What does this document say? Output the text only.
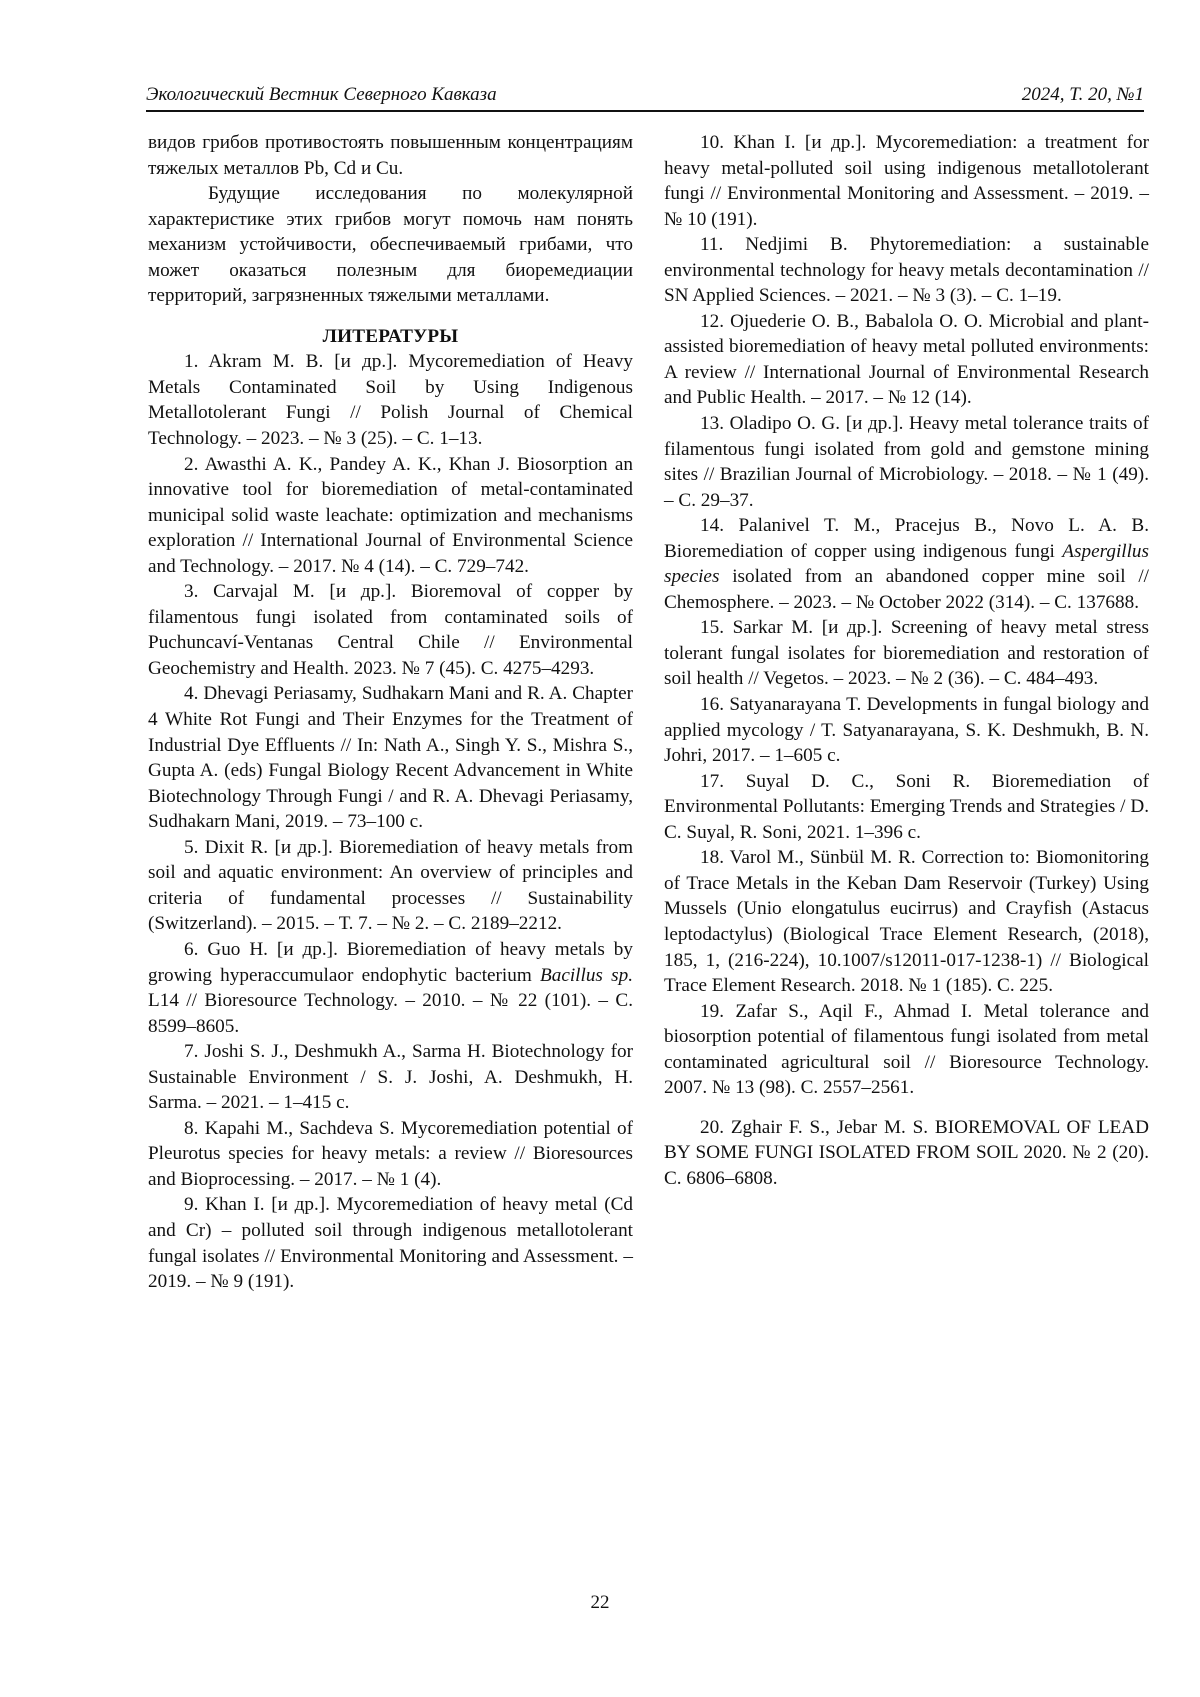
Экологический Вестник Северного Кавказа	2024, Т. 20, №1

видов грибов противостоять повышенным концентрациям тяжелых металлов Pb, Cd и Cu.

Будущие исследования по молекулярной характеристике этих грибов могут помочь нам понять механизм устойчивости, обеспечиваемый грибами, что может оказаться полезным для биоремедиации территорий, загрязненных тяжелыми металлами.

ЛИТЕРАТУРЫ

1. Akram M. B. [и др.]. Mycoremediation of Heavy Metals Contaminated Soil by Using Indigenous Metallotolerant Fungi // Polish Journal of Chemical Technology. – 2023. – № 3 (25). – С. 1–13.

2. Awasthi A. K., Pandey A. K., Khan J. Biosorption an innovative tool for bioremediation of metal-contaminated municipal solid waste leachate: optimization and mechanisms exploration // International Journal of Environmental Science and Technology. – 2017. № 4 (14). – С. 729–742.

3. Carvajal M. [и др.]. Bioremoval of copper by filamentous fungi isolated from contaminated soils of Puchuncaví-Ventanas Central Chile // Environmental Geochemistry and Health. 2023. № 7 (45). С. 4275–4293.

4. Dhevagi Periasamy, Sudhakarn Mani and R. A. Chapter 4 White Rot Fungi and Their Enzymes for the Treatment of Industrial Dye Effluents // In: Nath A., Singh Y. S., Mishra S., Gupta A. (eds) Fungal Biology Recent Advancement in White Biotechnology Through Fungi / and R. A. Dhevagi Periasamy, Sudhakarn Mani, 2019. – 73–100 с.

5. Dixit R. [и др.]. Bioremediation of heavy metals from soil and aquatic environment: An overview of principles and criteria of fundamental processes // Sustainability (Switzerland). – 2015. – Т. 7. – № 2. – С. 2189–2212.

6. Guo H. [и др.]. Bioremediation of heavy metals by growing hyperaccumulaor endophytic bacterium Bacillus sp. L14 // Bioresource Technology. – 2010. – № 22 (101). – С. 8599–8605.

7. Joshi S. J., Deshmukh A., Sarma H. Biotechnology for Sustainable Environment / S. J. Joshi, A. Deshmukh, H. Sarma. – 2021. – 1–415 с.

8. Kapahi M., Sachdeva S. Mycoremediation potential of Pleurotus species for heavy metals: a review // Bioresources and Bioprocessing. – 2017. – № 1 (4).

9. Khan I. [и др.]. Mycoremediation of heavy metal (Cd and Cr) – polluted soil through indigenous metallotolerant fungal isolates // Environmental Monitoring and Assessment. – 2019. – № 9 (191).

10. Khan I. [и др.]. Mycoremediation: a treatment for heavy metal-polluted soil using indigenous metallotolerant fungi // Environmental Monitoring and Assessment. – 2019. – № 10 (191).

11. Nedjimi B. Phytoremediation: a sustainable environmental technology for heavy metals decontamination // SN Applied Sciences. – 2021. – № 3 (3). – С. 1–19.

12. Ojuederie O. B., Babalola O. O. Microbial and plant-assisted bioremediation of heavy metal polluted environments: A review // International Journal of Environmental Research and Public Health. – 2017. – № 12 (14).

13. Oladipo O. G. [и др.]. Heavy metal tolerance traits of filamentous fungi isolated from gold and gemstone mining sites // Brazilian Journal of Microbiology. – 2018. – № 1 (49). – С. 29–37.

14. Palanivel T. M., Pracejus B., Novo L. A. B. Bioremediation of copper using indigenous fungi Aspergillus species isolated from an abandoned copper mine soil // Chemosphere. – 2023. – № October 2022 (314). – С. 137688.

15. Sarkar M. [и др.]. Screening of heavy metal stress tolerant fungal isolates for bioremediation and restoration of soil health // Vegetos. – 2023. – № 2 (36). – С. 484–493.

16. Satyanarayana T. Developments in fungal biology and applied mycology / T. Satyanarayana, S. K. Deshmukh, B. N. Johri, 2017. – 1–605 с.

17. Suyal D. C., Soni R. Bioremediation of Environmental Pollutants: Emerging Trends and Strategies / D. C. Suyal, R. Soni, 2021. 1–396 с.

18. Varol M., Sünbül M. R. Correction to: Biomonitoring of Trace Metals in the Keban Dam Reservoir (Turkey) Using Mussels (Unio elongatulus eucirrus) and Crayfish (Astacus leptodactylus) (Biological Trace Element Research, (2018), 185, 1, (216-224), 10.1007/s12011-017-1238-1) // Biological Trace Element Research. 2018. № 1 (185). С. 225.

19. Zafar S., Aqil F., Ahmad I. Metal tolerance and biosorption potential of filamentous fungi isolated from metal contaminated agricultural soil // Bioresource Technology. 2007. № 13 (98). С. 2557–2561.

20. Zghair F. S., Jebar M. S. BIOREMOVAL OF LEAD BY SOME FUNGI ISOLATED FROM SOIL 2020. № 2 (20). С. 6806–6808.

22
